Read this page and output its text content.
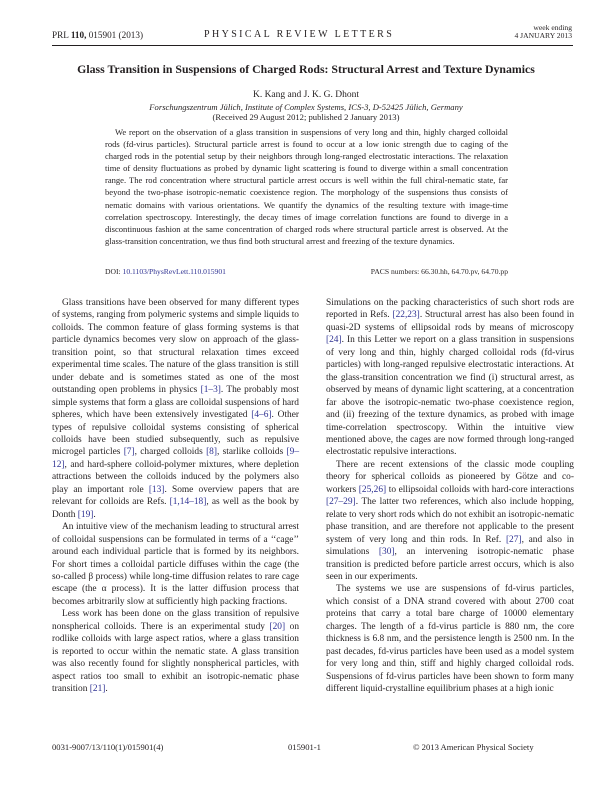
PRL 110, 015901 (2013)	PHYSICAL REVIEW LETTERS
week ending
4 JANUARY 2013
Glass Transition in Suspensions of Charged Rods: Structural Arrest and Texture Dynamics
K. Kang and J. K. G. Dhont
Forschungszentrum Jülich, Institute of Complex Systems, ICS-3, D-52425 Jülich, Germany
(Received 29 August 2012; published 2 January 2013)
We report on the observation of a glass transition in suspensions of very long and thin, highly charged colloidal rods (fd-virus particles). Structural particle arrest is found to occur at a low ionic strength due to caging of the charged rods in the potential setup by their neighbors through long-ranged electrostatic interactions. The relaxation time of density fluctuations as probed by dynamic light scattering is found to diverge within a small concentration range. The rod concentration where structural particle arrest occurs is well within the full chiral-nematic state, far beyond the two-phase isotropic-nematic coexistence region. The morphology of the suspensions thus consists of nematic domains with various orientations. We quantify the dynamics of the resulting texture with image-time correlation spectroscopy. Interestingly, the decay times of image correlation functions are found to diverge in a discontinuous fashion at the same concentration of charged rods where structural particle arrest is observed. At the glass-transition concentration, we thus find both structural arrest and freezing of the texture dynamics.
DOI: 10.1103/PhysRevLett.110.015901	PACS numbers: 66.30.hh, 64.70.pv, 64.70.pp

Glass transitions have been observed for many different types of systems, ranging from polymeric systems and simple liquids to colloids. The common feature of glass forming systems is that particle dynamics becomes very slow on approach of the glass-transition point, so that structural relaxation times exceed experimental time scales. The nature of the glass transition is still under debate and is sometimes stated as one of the most outstanding open problems in physics [1–3]. The probably most simple systems that form a glass are colloidal suspensions of hard spheres, which have been extensively investigated [4–6]. Other types of repulsive colloidal systems consisting of spherical colloids have been studied subsequently, such as repulsive microgel particles [7], charged colloids [8], starlike colloids [9–12], and hard-sphere colloid-polymer mixtures, where depletion attractions between the colloids induced by the polymers also play an important role [13]. Some overview papers that are relevant for colloids are Refs. [1,14–18], as well as the book by Donth [19].

An intuitive view of the mechanism leading to structural arrest of colloidal suspensions can be formulated in terms of a ‘‘cage’’ around each individual particle that is formed by its neighbors. For short times a colloidal particle diffuses within the cage (the so-called β process) while long-time diffusion relates to rare cage escape (the α process). It is the latter diffusion process that becomes arbitrarily slow at sufficiently high packing fractions.

Less work has been done on the glass transition of repulsive nonspherical colloids. There is an experimental study [20] on rodlike colloids with large aspect ratios, where a glass transition is reported to occur within the nematic state. A glass transition was also recently found for slightly nonspherical particles, with aspect ratios too small to exhibit an isotropic-nematic phase transition [21].

Simulations on the packing characteristics of such short rods are reported in Refs. [22,23]. Structural arrest has also been found in quasi-2D systems of ellipsoidal rods by means of microscopy [24]. In this Letter we report on a glass transition in suspensions of very long and thin, highly charged colloidal rods (fd-virus particles) with long-ranged repulsive electrostatic interactions. At the glass-transition concentration we find (i) structural arrest, as observed by means of dynamic light scattering, at a concentration far above the isotropic-nematic two-phase coexistence region, and (ii) freezing of the texture dynamics, as probed with image time-correlation spectroscopy. Within the intuitive view mentioned above, the cages are now formed through long-ranged electrostatic repulsive interactions.

There are recent extensions of the classic mode coupling theory for spherical colloids as pioneered by Götze and co-workers [25,26] to ellipsoidal colloids with hard-core interactions [27–29]. The latter two references, which also include hopping, relate to very short rods which do not exhibit an isotropic-nematic phase transition, and are therefore not applicable to the present system of very long and thin rods. In Ref. [27], and also in simulations [30], an intervening isotropic-nematic phase transition is predicted before particle arrest occurs, which is also seen in our experiments.

The systems we use are suspensions of fd-virus particles, which consist of a DNA strand covered with about 2700 coat proteins that carry a total bare charge of 10000 elementary charges. The length of a fd-virus particle is 880 nm, the core thickness is 6.8 nm, and the persistence length is 2500 nm. In the past decades, fd-virus particles have been used as a model system for very long and thin, stiff and highly charged colloidal rods. Suspensions of fd-virus particles have been shown to form many different liquid-crystalline equilibrium phases at a high ionic

0031-9007/13/110(1)/015901(4)	015901-1	© 2013 American Physical Society
